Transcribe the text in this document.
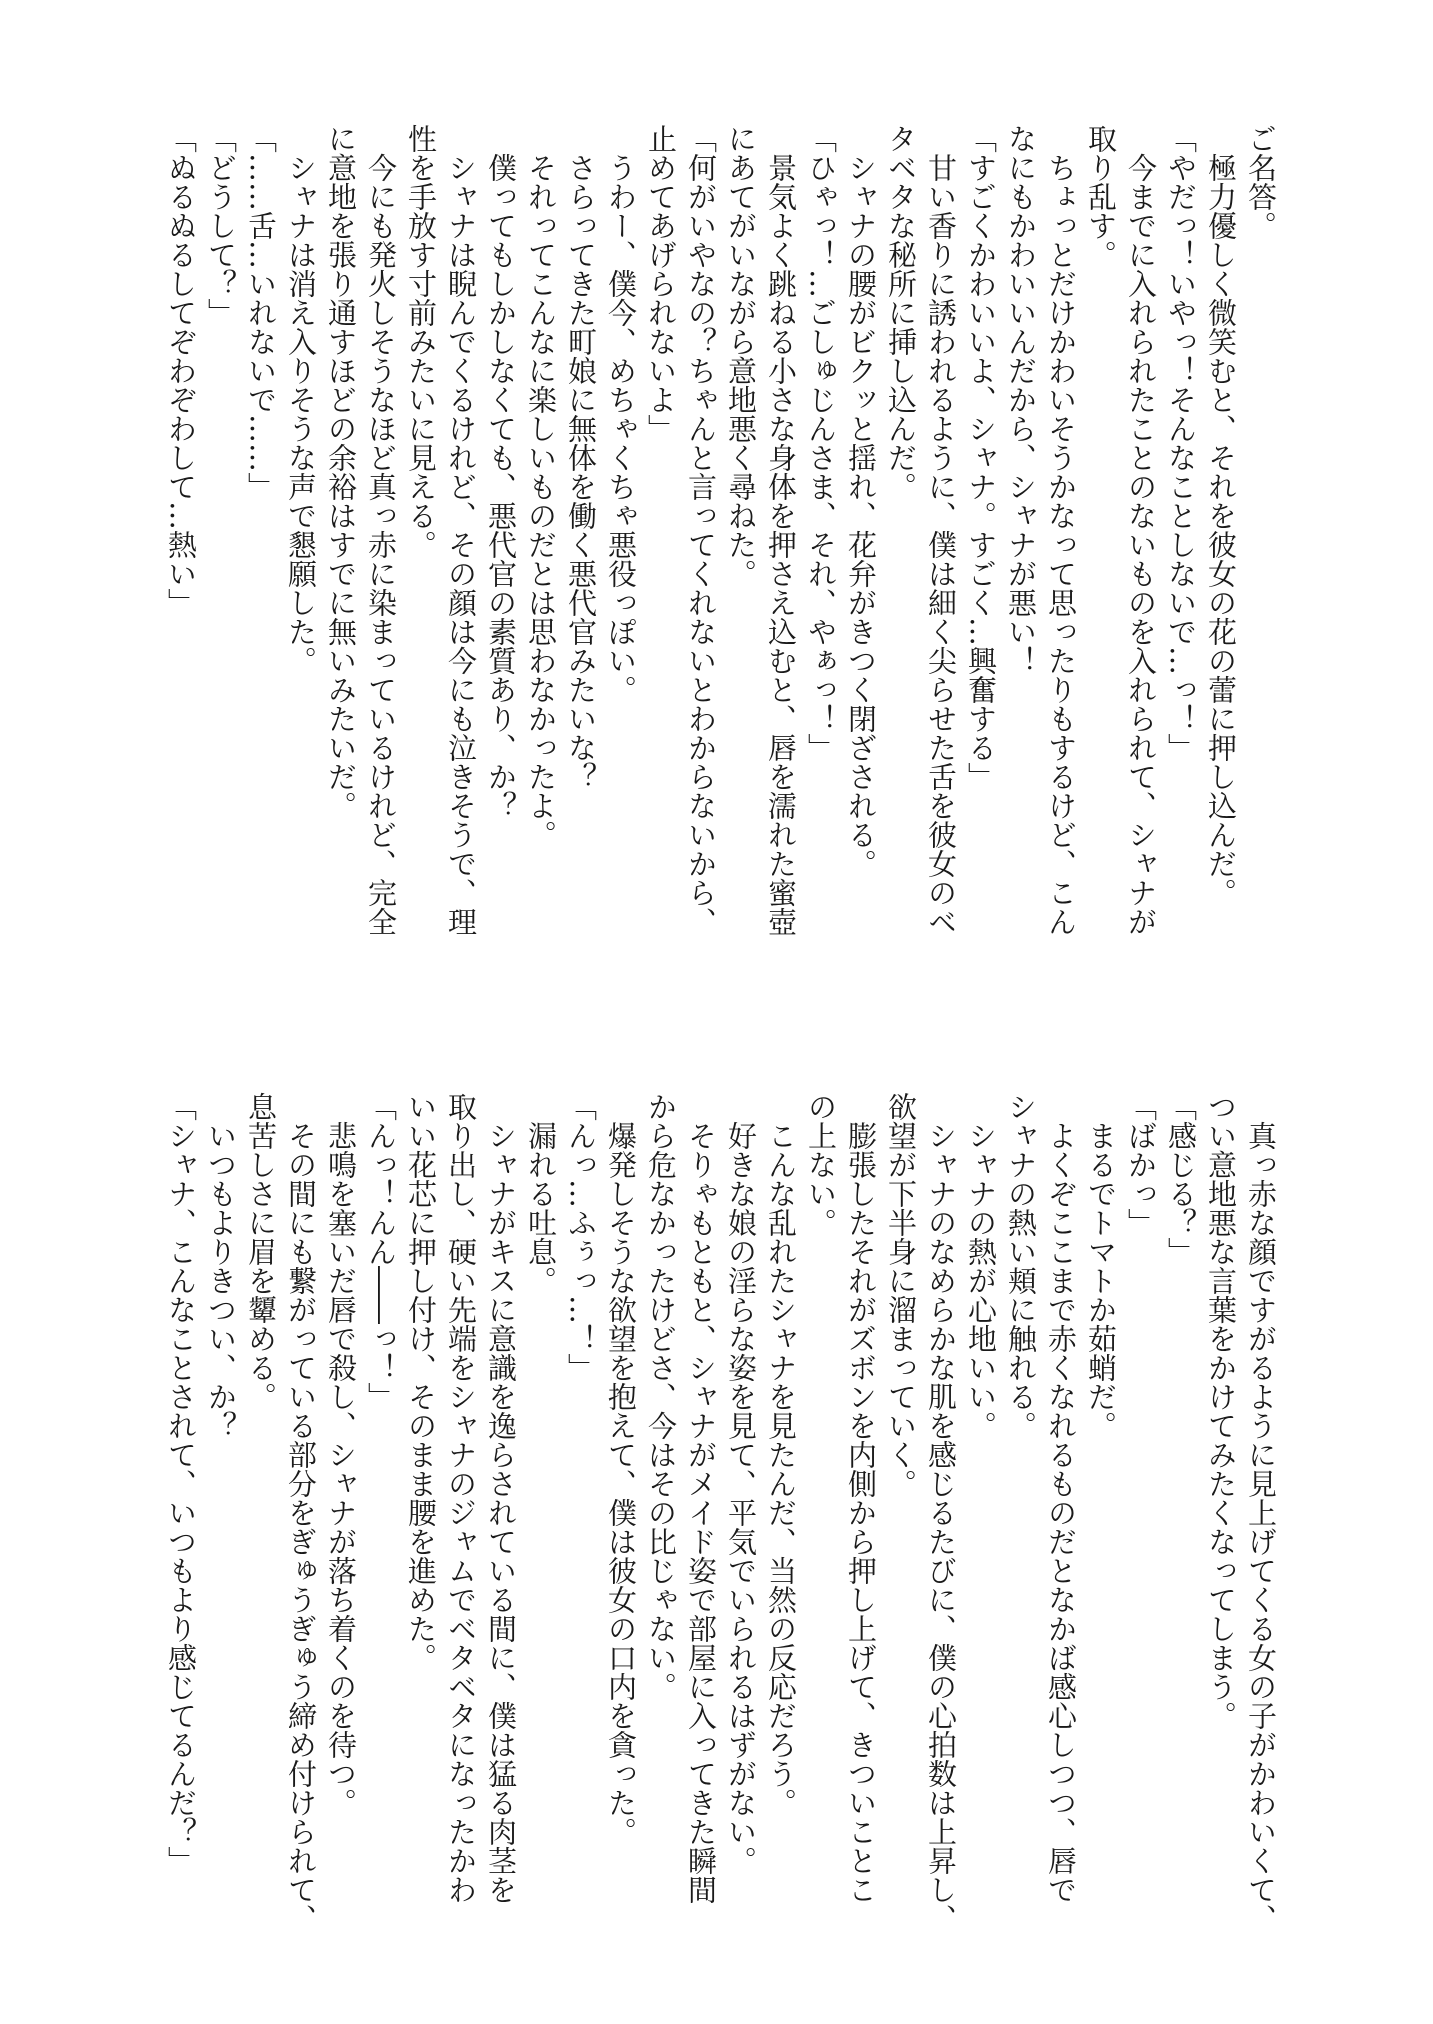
ご名答。
　極力優しく微笑むと、それを彼女の花の蕾に押し込んだ。
「やだっ！いやっ！そんなことしないで…っ！」
　今までに入れられたことのないものを入れられて、シャナが
取り乱す。
　ちょっとだけかわいそうかなって思ったりもするけど、こん
なにもかわいいんだから、シャナが悪い！
「すごくかわいいよ、シャナ。すごく…興奮する」
　甘い香りに誘われるように、僕は細く尖らせた舌を彼女のベ
タベタな秘所に挿し込んだ。
　シャナの腰がビクッと揺れ、花弁がきつく閉ざされる。
「ひゃっ！…ごしゅじんさま、それ、やぁっ！」
　景気よく跳ねる小さな身体を押さえ込むと、唇を濡れた蜜壺
にあてがいながら意地悪く尋ねた。
「何がいやなの？ちゃんと言ってくれないとわからないから、
止めてあげられないよ」
　うわー、僕今、めちゃくちゃ悪役っぽい。
　さらってきた町娘に無体を働く悪代官みたいな？
　それってこんなに楽しいものだとは思わなかったよ。
　僕ってもしかしなくても、悪代官の素質あり、か？
　シャナは睨んでくるけれど、その顔は今にも泣きそうで、理
性を手放す寸前みたいに見える。
　今にも発火しそうなほど真っ赤に染まっているけれど、完全
に意地を張り通すほどの余裕はすでに無いみたいだ。
　シャナは消え入りそうな声で懇願した。
「……舌…いれないで……」
「どうして？」
「ぬるぬるしてぞわぞわして…熱い」
　真っ赤な顔ですがるように見上げてくる女の子がかわいくて、
つい意地悪な言葉をかけてみたくなってしまう。
「感じる？」
「ばかっ」
　まるでトマトか茹蛸だ。
　よくぞここまで赤くなれるものだとなかば感心しつつ、唇で
シャナの熱い頬に触れる。
　シャナの熱が心地いい。
　シャナのなめらかな肌を感じるたびに、僕の心拍数は上昇し、
欲望が下半身に溜まっていく。
　膨張したそれがズボンを内側から押し上げて、きついことこ
の上ない。
　こんな乱れたシャナを見たんだ、当然の反応だろう。
　好きな娘の淫らな姿を見て、平気でいられるはずがない。
　そりゃもともと、シャナがメイド姿で部屋に入ってきた瞬間
から危なかったけどさ、今はその比じゃない。
　爆発しそうな欲望を抱えて、僕は彼女の口内を貪った。
「んっ…ふぅっ…！」
　漏れる吐息。
　シャナがキスに意識を逸らされている間に、僕は猛る肉茎を
取り出し、硬い先端をシャナのジャムでベタベタになったかわ
いい花芯に押し付け、そのまま腰を進めた。
「んっ！んん――っ！」
　悲鳴を塞いだ唇で殺し、シャナが落ち着くのを待つ。
　その間にも繋がっている部分をぎゅうぎゅう締め付けられて、
息苦しさに眉を顰める。
　いつもよりきつい、か？
「シャナ、こんなことされて、いつもより感じてるんだ？」
